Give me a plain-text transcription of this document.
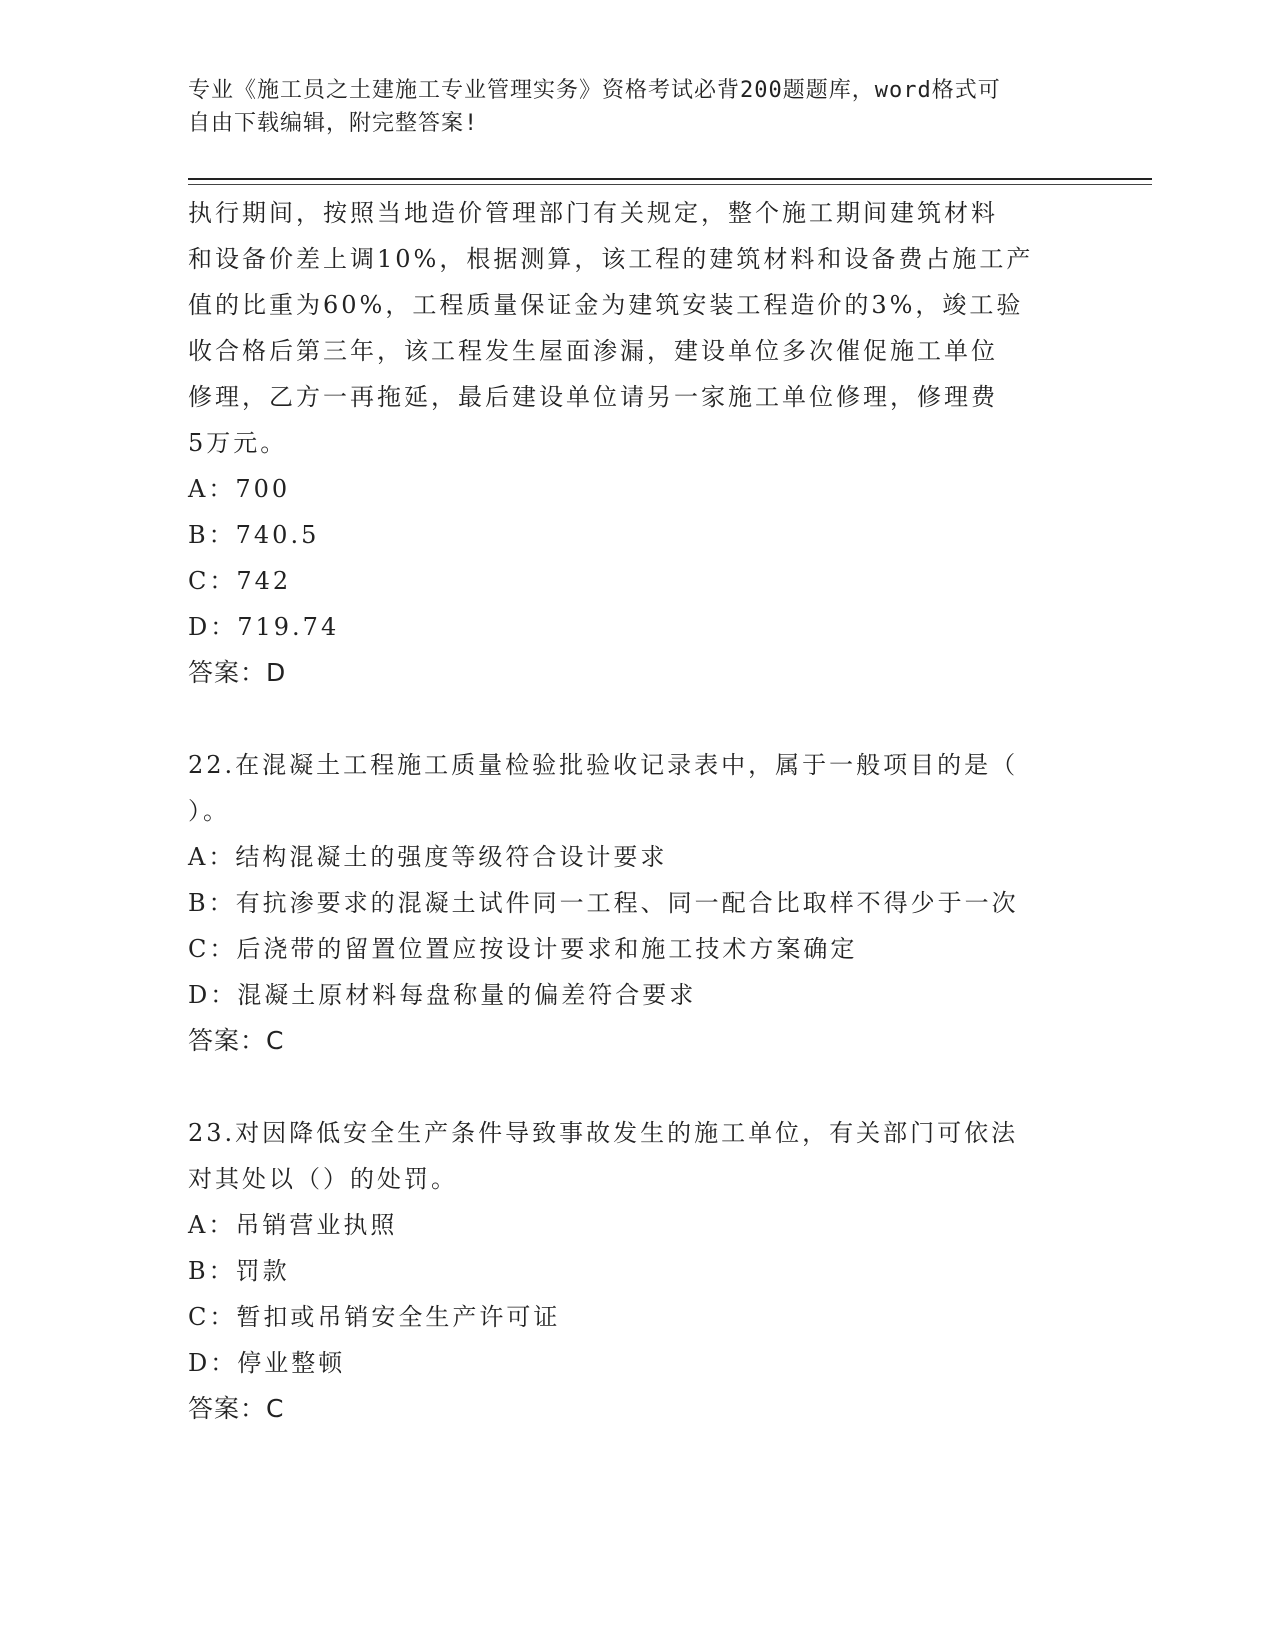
专业《施工员之土建施工专业管理实务》资格考试必背200题题库，word格式可

自由下载编辑，附完整答案!

执行期间，按照当地造价管理部门有关规定，整个施工期间建筑材料

和设备价差上调10%，根据测算，该工程的建筑材料和设备费占施工产

值的比重为60%，工程质量保证金为建筑安装工程造价的3%，竣工验

收合格后第三年，该工程发生屋面渗漏，建设单位多次催促施工单位

修理，乙方一再拖延，最后建设单位请另一家施工单位修理，修理费

5万元。

A：700

B：740.5

C：742

D：719.74

答案：D

22.在混凝土工程施工质量检验批验收记录表中，属于一般项目的是（

）。

A：结构混凝土的强度等级符合设计要求

B：有抗渗要求的混凝土试件同一工程、同一配合比取样不得少于一次

C：后浇带的留置位置应按设计要求和施工技术方案确定

D：混凝土原材料每盘称量的偏差符合要求

答案：C

23.对因降低安全生产条件导致事故发生的施工单位，有关部门可依法

对其处以（）的处罚。

A：吊销营业执照

B：罚款

C：暂扣或吊销安全生产许可证

D：停业整顿

答案：C
